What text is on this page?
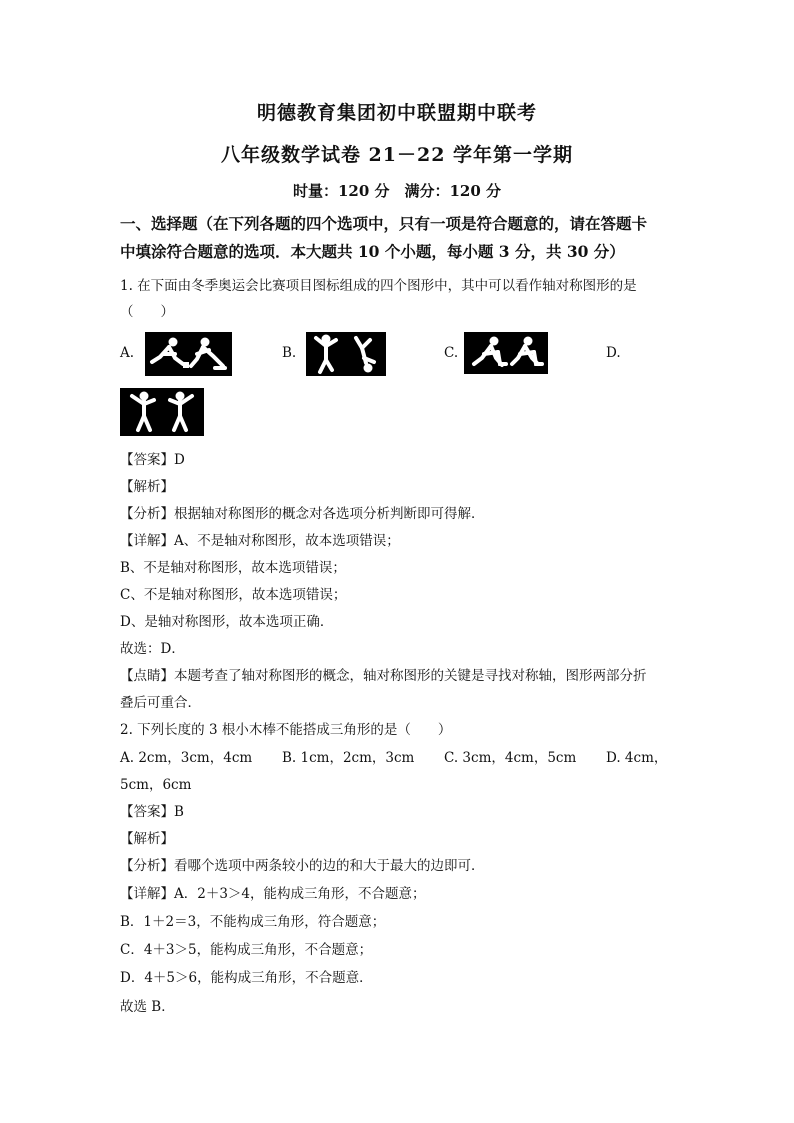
明德教育集团初中联盟期中联考
八年级数学试卷 21－22 学年第一学期
时量：120 分　满分：120 分
一、选择题（在下列各题的四个选项中，只有一项是符合题意的，请在答题卡
中填涂符合题意的选项．本大题共 10 个小题，每小题 3 分，共 30 分）
1. 在下面由冬季奥运会比赛项目图标组成的四个图形中，其中可以看作轴对称图形的是
（　　）
A.	B.	C.	D.
【答案】D
【解析】
【分析】根据轴对称图形的概念对各选项分析判断即可得解．
【详解】A、不是轴对称图形，故本选项错误；
B、不是轴对称图形，故本选项错误；
C、不是轴对称图形，故本选项错误；
D、是轴对称图形，故本选项正确．
故选：D．
【点睛】本题考查了轴对称图形的概念，轴对称图形的关键是寻找对称轴，图形两部分折
叠后可重合．
2. 下列长度的 3 根小木棒不能搭成三角形的是（　　）
A. 2cm，3cm，4cm B. 1cm，2cm，3cm C. 3cm，4cm，5cm D. 4cm，
5cm，6cm
【答案】B
【解析】
【分析】看哪个选项中两条较小的边的和大于最大的边即可．
【详解】A．2＋3＞4，能构成三角形，不合题意；
B．1＋2＝3，不能构成三角形，符合题意；
C．4＋3＞5，能构成三角形，不合题意；
D．4＋5＞6，能构成三角形，不合题意．
故选 B．
